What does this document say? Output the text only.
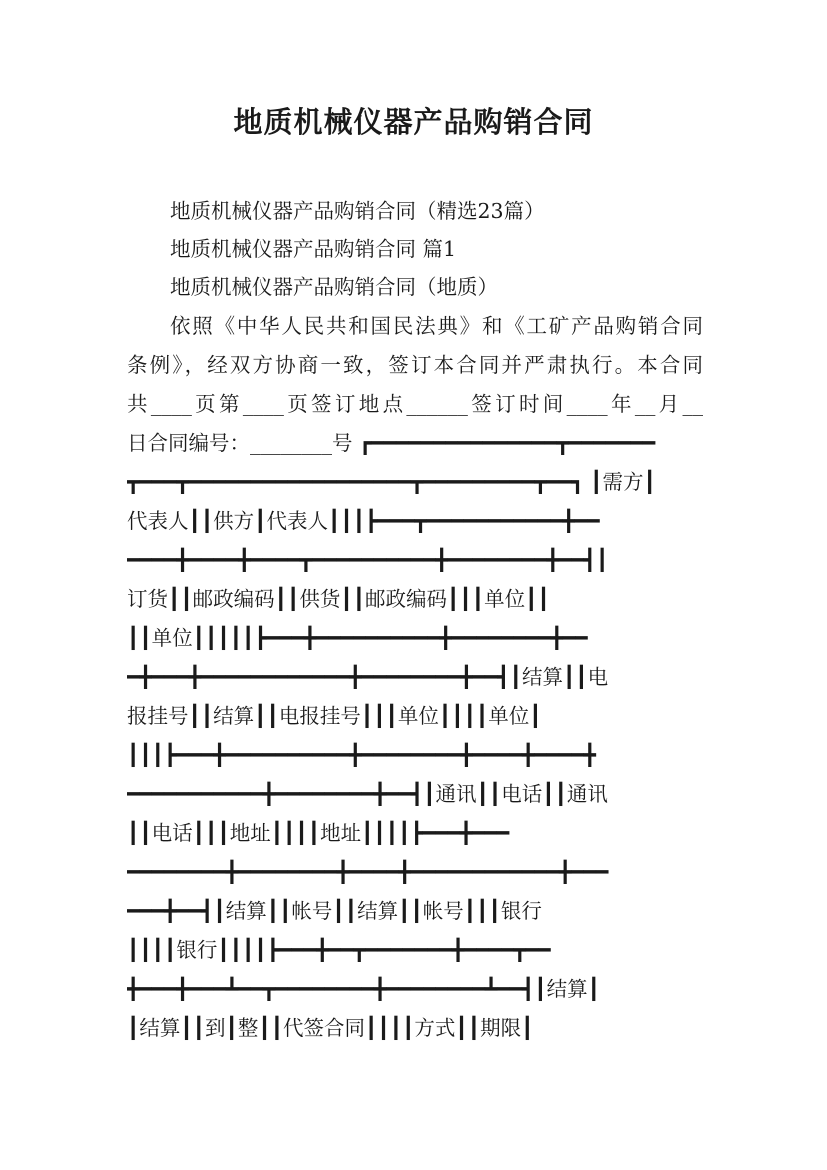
地质机械仪器产品购销合同

地质机械仪器产品购销合同（精选23篇）

地质机械仪器产品购销合同 篇1

地质机械仪器产品购销合同（地质）

依照《中华人民共和国民法典》和《工矿产品购销合同

条例》，经双方协商一致，签订本合同并严肃执行。本合同

共____页第____页签订地点______签订时间____年__月__

日合同编号：________号 ┏━━━━━━━━━━━━━━━┳━━━━━━━

┳━━━┳━━━━━━━━━━━━━━━━━━┳━━━━━━━━━┳━━┓ ┃需方┃

代表人┃┃供方┃代表人┃┃┃┣━━━┳━━━━━━━━━━━╋━━

━━━━╋━━━━╋━━━━┳━━━━━━━━━━╋━━━━━━━━╋━━┫┃

订货┃┃邮政编码┃┃供货┃┃邮政编码┃┃┃单位┃┃

┃┃单位┃┃┃┃┃┣━━━╋━━━━━━━━━━╋━━━━━━━━╋━━

━╋━━━╋━━━━━━━━━━━━╋━━━━━━━━╋━━┫┃结算┃┃电

报挂号┃┃结算┃┃电报挂号┃┃┃单位┃┃┃┃单位┃

┃┃┃┣━━━╋━━━━━━━━━━╋━━━━━━━━╋━━━━╋━━━━╋

━━━━━━━━━━━╋━━━━━━━━╋━━┫┃通讯┃┃电话┃┃通讯

┃┃电话┃┃┃地址┃┃┃┃地址┃┃┃┃┣━━━╋━━━

━━━━━━━━╋━━━━━━━━╋━━━━╋━━━━━━━━━━━━╋━━━

━━━╋━━┫┃结算┃┃帐号┃┃结算┃┃帐号┃┃┃银行

┃┃┃┃银行┃┃┃┃┣━━━╋━━┳━━━━━━━╋━━━━┳━━

╋━━━╋━━━┻━━┳━━━━━━━━╋━━━━━━━━┻━━┫┃结算┃

┃结算┃┃到┃整┃┃代签合同┃┃┃┃方式┃┃期限┃
